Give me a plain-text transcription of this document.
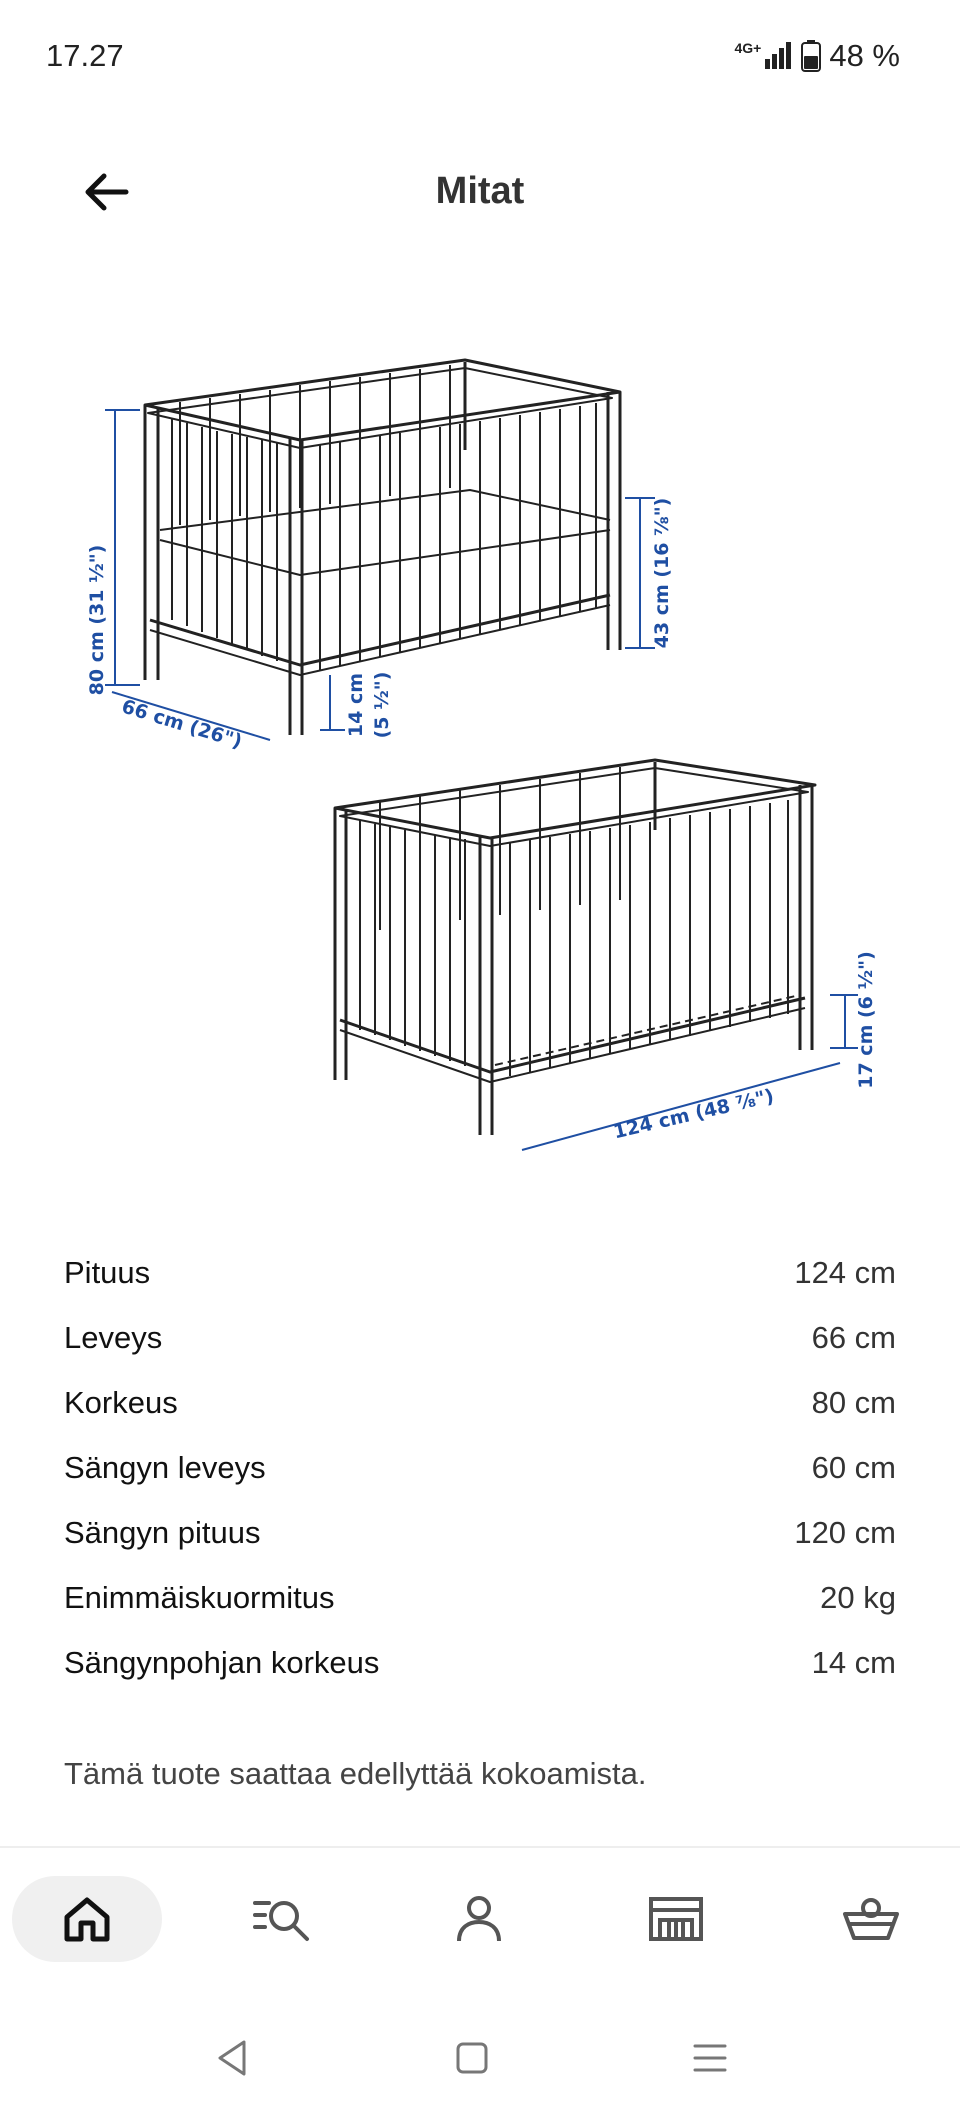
17.27	4G+ 48 %
Mitat
80 cm (31 ½")
66 cm (26")	14 cm (5 ½")
43 cm (16 ⅞")
17 cm (6 ½")
124 cm (48 ⅞")
Pituus	124 cm
Leveys	66 cm
Korkeus	80 cm
Sängyn leveys	60 cm
Sängyn pituus	120 cm
Enimmäiskuormitus	20 kg
Sängynpohjan korkeus	14 cm
Tämä tuote saattaa edellyttää kokoamista.
